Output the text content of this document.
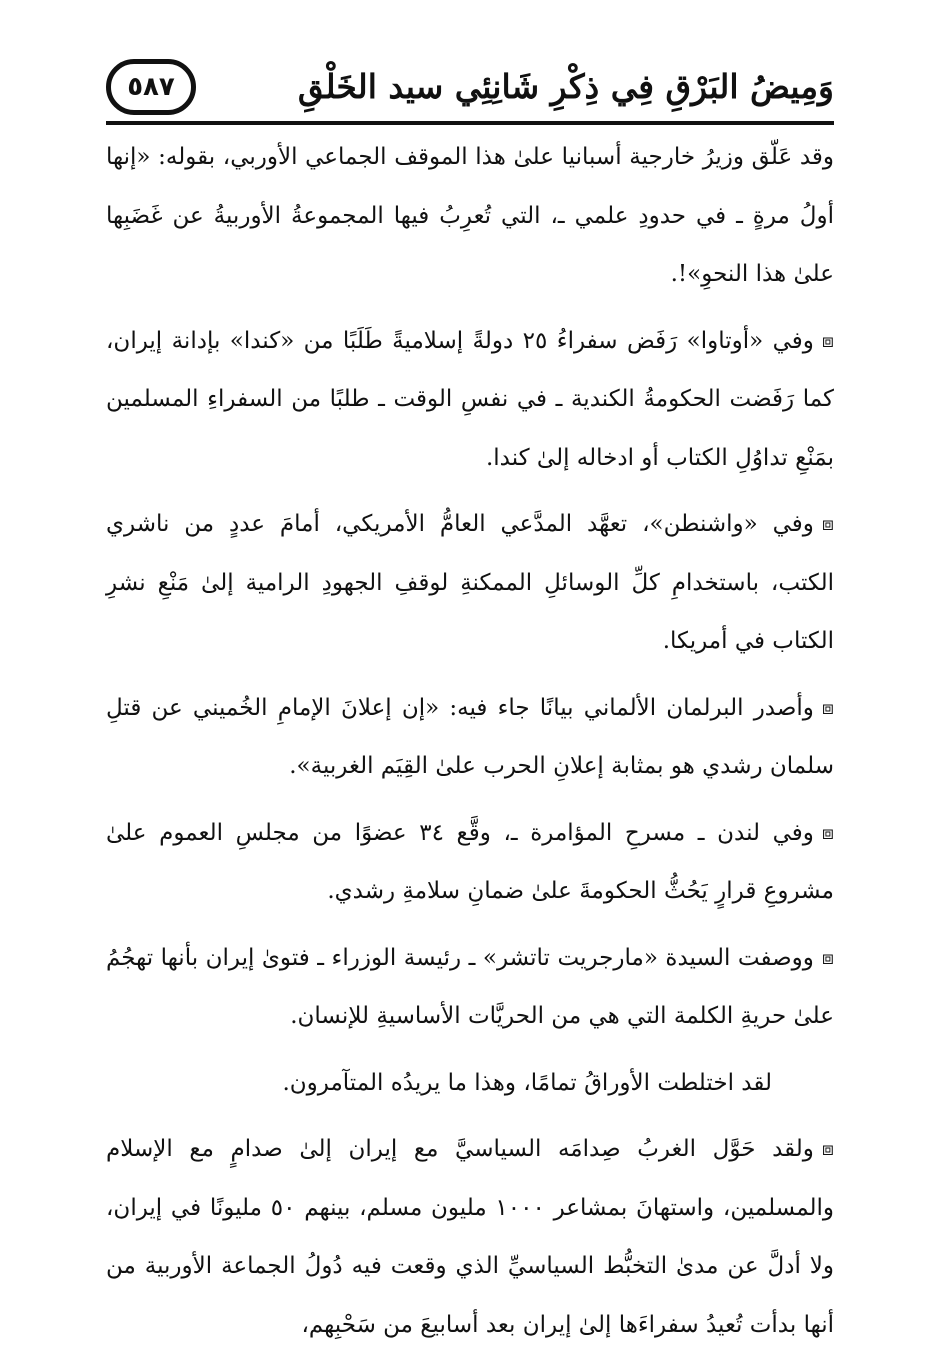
وَمِيضُ البَرْقِ فِي ذِكْرِ شَانِئِي سيد الخَلْقِ
٥٨٧

وقد عَلّق وزيرُ خارجية أسبانيا علىٰ هذا الموقف الجماعي الأوربي، بقوله: «إنها أولُ مرةٍ ـ في حدودِ علمي ـ، التي تُعرِبُ فيها المجموعةُ الأوربيةُ عن غَضَبِها علىٰ هذا النحوِ»!.

⧈وفي «أوتاوا» رَفَض سفراءُ ٢٥ دولةً إسلاميةً طَلَبًا من «كندا» بإدانة إيران، كما رَفَضت الحكومةُ الكندية ـ في نفسِ الوقت ـ طلبًا من السفراءِ المسلمين بمَنْعِ تداوُلِ الكتاب أو ادخاله إلىٰ كندا.

⧈وفي «واشنطن»، تعهَّد المدَّعي العامُّ الأمريكي، أمامَ عددٍ من ناشري الكتب، باستخدامِ كلِّ الوسائلِ الممكنةِ لوقفِ الجهودِ الرامية إلىٰ مَنْعِ نشرِ الكتاب في أمريكا.

⧈وأصدر البرلمان الألماني بيانًا جاء فيه: «إن إعلانَ الإمامِ الخُميني عن قتلِ سلمان رشدي هو بمثابة إعلانِ الحرب علىٰ القِيَم الغربية».

⧈وفي لندن ـ مسرحِ المؤامرة ـ، وقَّع ٣٤ عضوًا من مجلسِ العموم علىٰ مشروعِ قرارٍ يَحُثُّ الحكومةَ علىٰ ضمانِ سلامةِ رشدي.

⧈ووصفت السيدة «مارجريت تاتشر» ـ رئيسة الوزراء ـ فتوىٰ إيران بأنها تهجُمُ علىٰ حريةِ الكلمة التي هي من الحريَّات الأساسيةِ للإنسان.

لقد اختلطت الأوراقُ تمامًا، وهذا ما يريدُه المتآمرون.

⧈ولقد حَوَّل الغربُ صِدامَه السياسيَّ مع إيران إلىٰ صدامٍ مع الإسلام والمسلمين، واستهانَ بمشاعر ١٠٠٠ مليون مسلم، بينهم ٥٠ مليونًا في إيران، ولا أدلَّ عن مدىٰ التخبُّط السياسيِّ الذي وقعت فيه دُولُ الجماعة الأوربية من أنها بدأت تُعيدُ سفراءَها إلىٰ إيران بعد أسابيعَ من سَحْبِهم،
